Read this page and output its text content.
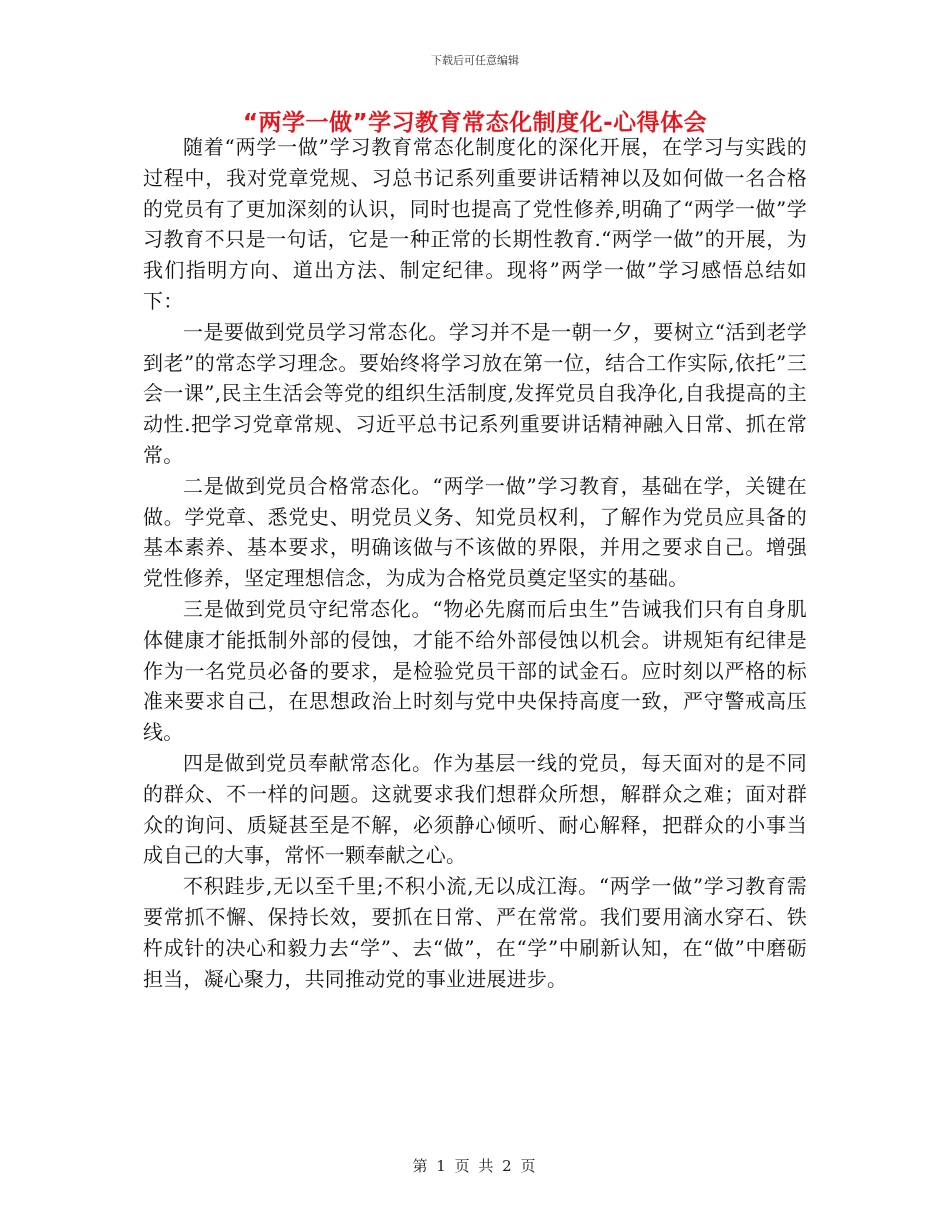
下载后可任意编辑
“两学一做”学习教育常态化制度化-心得体会

随着“两学一做”学习教育常态化制度化的深化开展，在学习与实践的过程中，我对党章党规、习总书记系列重要讲话精神以及如何做一名合格的党员有了更加深刻的认识，同时也提高了党性修养,明确了“两学一做”学习教育不只是一句话，它是一种正常的长期性教育.“两学一做”的开展，为我们指明方向、道出方法、制定纪律。现将”两学一做”学习感悟总结如下：

一是要做到党员学习常态化。学习并不是一朝一夕，要树立“活到老学到老”的常态学习理念。要始终将学习放在第一位，结合工作实际,依托”三会一课”,民主生活会等党的组织生活制度,发挥党员自我净化,自我提高的主动性.把学习党章常规、习近平总书记系列重要讲话精神融入日常、抓在常常。

二是做到党员合格常态化。“两学一做”学习教育，基础在学，关键在做。学党章、悉党史、明党员义务、知党员权利，了解作为党员应具备的基本素养、基本要求，明确该做与不该做的界限，并用之要求自己。增强党性修养，坚定理想信念，为成为合格党员奠定坚实的基础。

三是做到党员守纪常态化。“物必先腐而后虫生”告诫我们只有自身肌体健康才能抵制外部的侵蚀，才能不给外部侵蚀以机会。讲规矩有纪律是作为一名党员必备的要求，是检验党员干部的试金石。应时刻以严格的标准来要求自己，在思想政治上时刻与党中央保持高度一致，严守警戒高压线。

四是做到党员奉献常态化。作为基层一线的党员，每天面对的是不同的群众、不一样的问题。这就要求我们想群众所想，解群众之难；面对群众的询问、质疑甚至是不解，必须静心倾听、耐心解释，把群众的小事当成自己的大事，常怀一颗奉献之心。

不积跬步,无以至千里;不积小流,无以成江海。“两学一做”学习教育需要常抓不懈、保持长效，要抓在日常、严在常常。我们要用滴水穿石、铁杵成针的决心和毅力去“学”、去“做”，在“学”中刷新认知，在“做”中磨砺担当，凝心聚力，共同推动党的事业进展进步。

第 1 页 共 2 页
